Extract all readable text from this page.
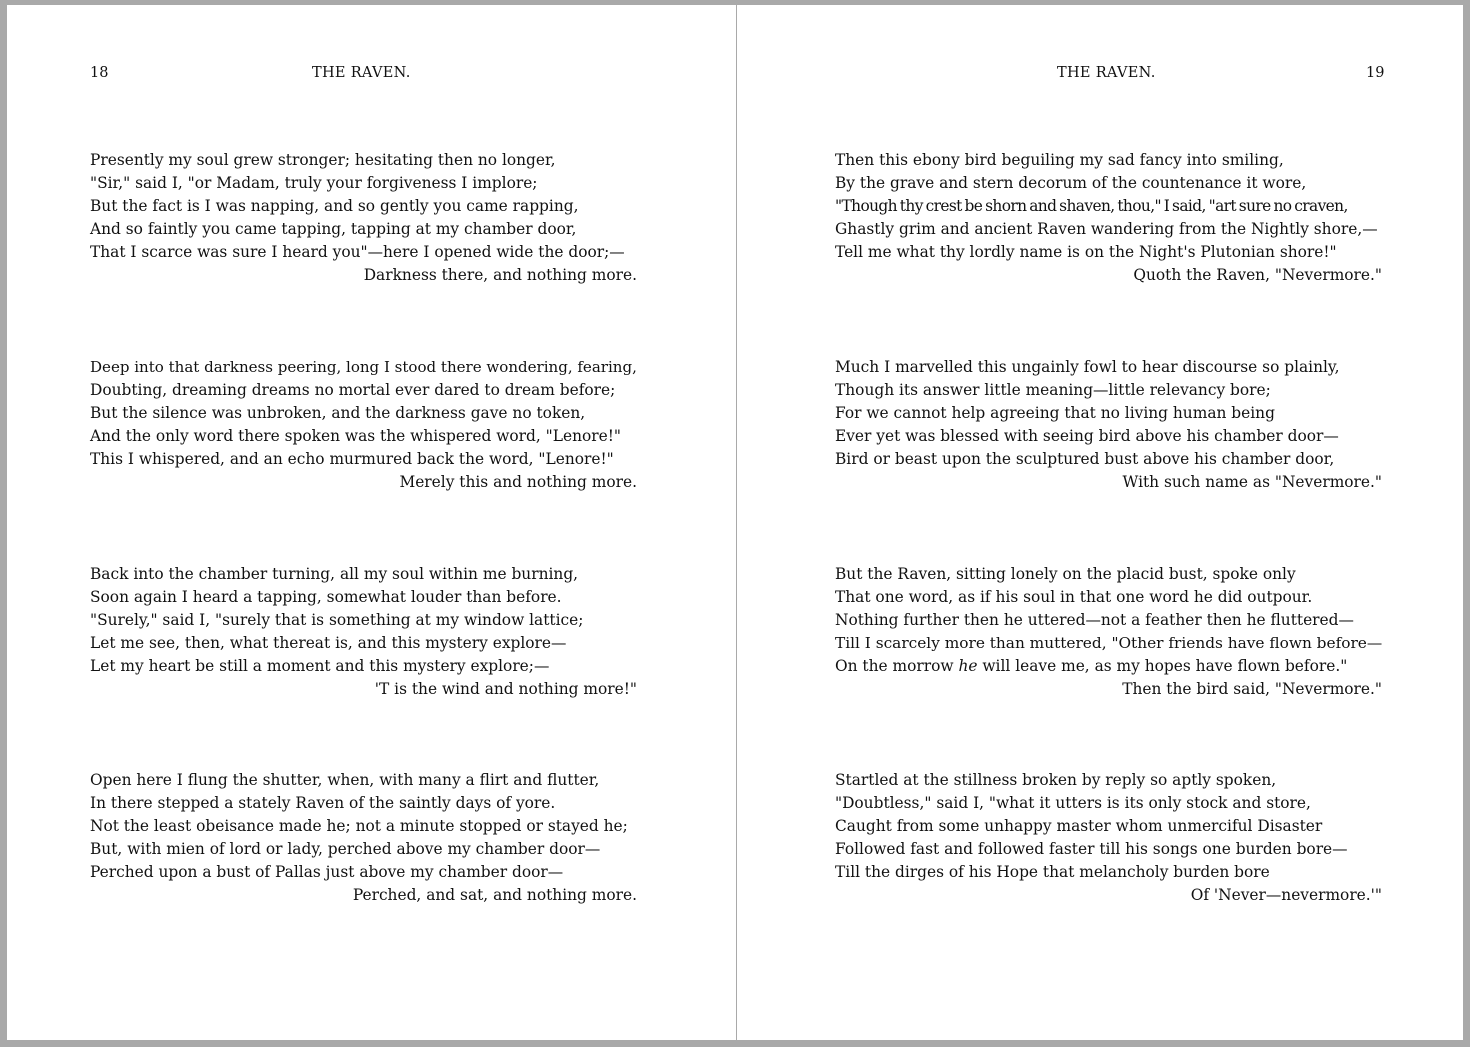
18	THE RAVEN.
Presently my soul grew stronger; hesitating then no longer,
"Sir," said I, "or Madam, truly your forgiveness I implore;
But the fact is I was napping, and so gently you came rapping,
And so faintly you came tapping, tapping at my chamber door,
That I scarce was sure I heard you"—here I opened wide the door;—
Darkness there, and nothing more.
Deep into that darkness peering, long I stood there wondering, fearing,
Doubting, dreaming dreams no mortal ever dared to dream before;
But the silence was unbroken, and the darkness gave no token,
And the only word there spoken was the whispered word, "Lenore!"
This I whispered, and an echo murmured back the word, "Lenore!"
Merely this and nothing more.
Back into the chamber turning, all my soul within me burning,
Soon again I heard a tapping, somewhat louder than before.
"Surely," said I, "surely that is something at my window lattice;
Let me see, then, what thereat is, and this mystery explore—
Let my heart be still a moment and this mystery explore;—
'T is the wind and nothing more!"
Open here I flung the shutter, when, with many a flirt and flutter,
In there stepped a stately Raven of the saintly days of yore.
Not the least obeisance made he; not a minute stopped or stayed he;
But, with mien of lord or lady, perched above my chamber door—
Perched upon a bust of Pallas just above my chamber door—
Perched, and sat, and nothing more.
THE RAVEN.	19
Then this ebony bird beguiling my sad fancy into smiling,
By the grave and stern decorum of the countenance it wore,
"Though thy crest be shorn and shaven, thou," I said, "art sure no craven,
Ghastly grim and ancient Raven wandering from the Nightly shore,—
Tell me what thy lordly name is on the Night's Plutonian shore!"
Quoth the Raven, "Nevermore."
Much I marvelled this ungainly fowl to hear discourse so plainly,
Though its answer little meaning—little relevancy bore;
For we cannot help agreeing that no living human being
Ever yet was blessed with seeing bird above his chamber door—
Bird or beast upon the sculptured bust above his chamber door,
With such name as "Nevermore."
But the Raven, sitting lonely on the placid bust, spoke only
That one word, as if his soul in that one word he did outpour.
Nothing further then he uttered—not a feather then he fluttered—
Till I scarcely more than muttered, "Other friends have flown before—
On the morrow he will leave me, as my hopes have flown before."
Then the bird said, "Nevermore."
Startled at the stillness broken by reply so aptly spoken,
"Doubtless," said I, "what it utters is its only stock and store,
Caught from some unhappy master whom unmerciful Disaster
Followed fast and followed faster till his songs one burden bore—
Till the dirges of his Hope that melancholy burden bore
Of 'Never—nevermore.'"
